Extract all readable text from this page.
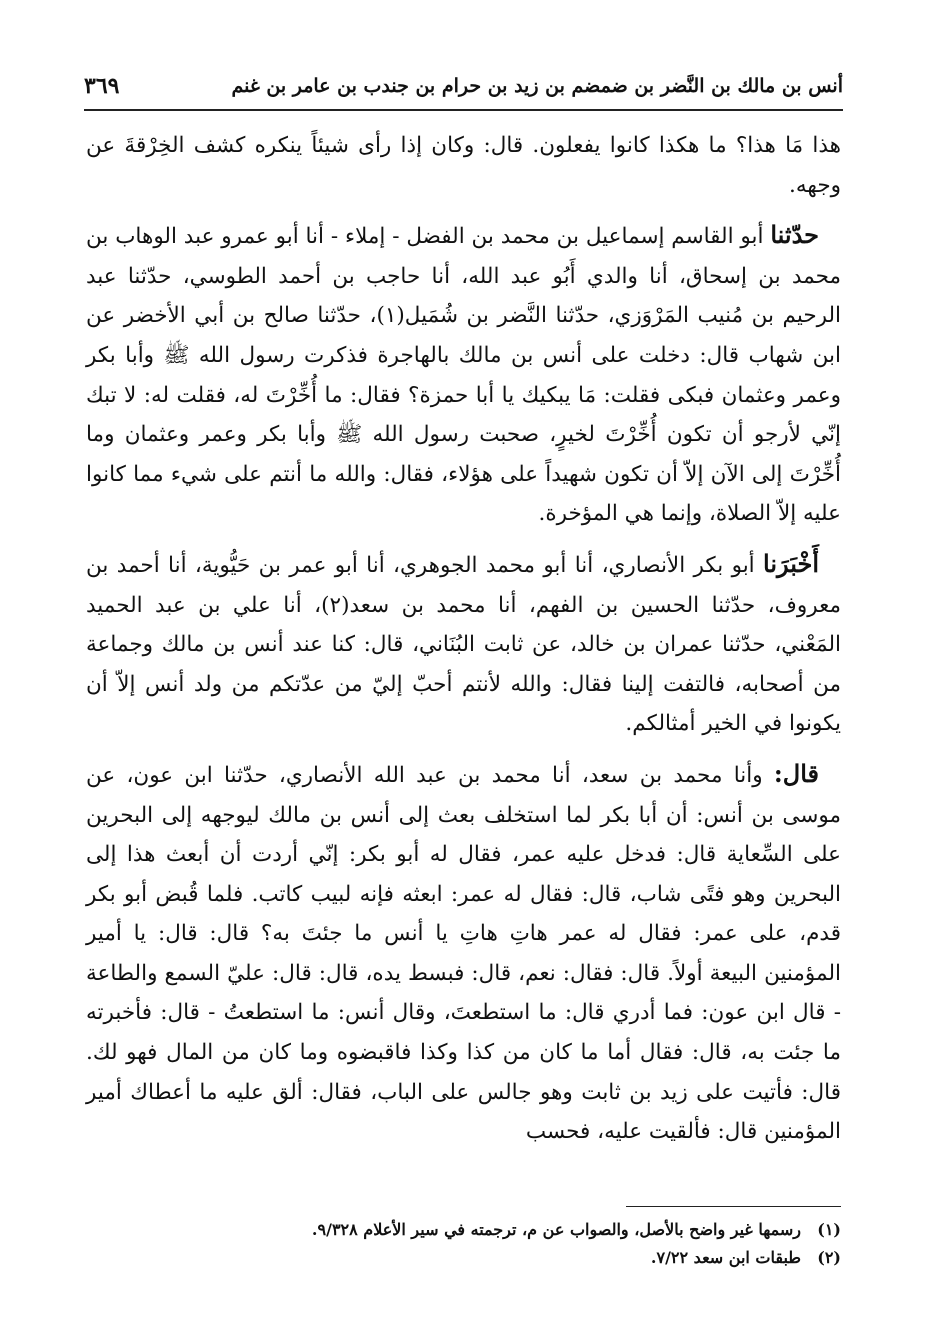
أنس بن مالك بن النَّضر بن ضمضم بن زيد بن حرام بن جندب بن عامر بن غنم
٣٦٩

هذا مَا هذا؟ ما هكذا كانوا يفعلون. قال: وكان إذا رأى شيئاً ينكره كشف الخِرْقةَ عن وجهه.

حدّثنا أبو القاسم إسماعيل بن محمد بن الفضل - إملاء - أنا أبو عمرو عبد الوهاب بن محمد بن إسحاق، أنا والدي أَبُو عبد الله، أنا حاجب بن أحمد الطوسي، حدّثنا عبد الرحيم بن مُنيب المَرْوَزي، حدّثنا النَّضر بن شُمَيل(١)، حدّثنا صالح بن أبي الأخضر عن ابن شهاب قال: دخلت على أنس بن مالك بالهاجرة فذكرت رسول الله ﷺ وأبا بكر وعمر وعثمان فبكى فقلت: مَا يبكيك يا أبا حمزة؟ فقال: ما أُخِّرْتَ له، فقلت له: لا تبك إنّي لأرجو أن تكون أُخِّرْتَ لخيرٍ، صحبت رسول الله ﷺ وأبا بكر وعمر وعثمان وما أُخِّرْتَ إلى الآن إلاّ أن تكون شهيداً على هؤلاء، فقال: والله ما أنتم على شيء مما كانوا عليه إلاّ الصلاة، وإنما هي المؤخرة.

أَخْبَرَنا أبو بكر الأنصاري، أنا أبو محمد الجوهري، أنا أبو عمر بن حَيُّوية، أنا أحمد بن معروف، حدّثنا الحسين بن الفهم، أنا محمد بن سعد(٢)، أنا علي بن عبد الحميد المَعْني، حدّثنا عمران بن خالد، عن ثابت البُنَاني، قال: كنا عند أنس بن مالك وجماعة من أصحابه، فالتفت إلينا فقال: والله لأنتم أحبّ إليّ من عدّتكم من ولد أنس إلاّ أن يكونوا في الخير أمثالكم.

قال: وأنا محمد بن سعد، أنا محمد بن عبد الله الأنصاري، حدّثنا ابن عون، عن موسى بن أنس: أن أبا بكر لما استخلف بعث إلى أنس بن مالك ليوجهه إلى البحرين على السِّعاية قال: فدخل عليه عمر، فقال له أبو بكر: إنّي أردت أن أبعث هذا إلى البحرين وهو فتًى شاب، قال: فقال له عمر: ابعثه فإنه لبيب كاتب. فلما قُبض أبو بكر قدم، على عمر: فقال له عمر هاتِ هاتِ يا أنس ما جئتَ به؟ قال: قال: يا أمير المؤمنين البيعة أولاً. قال: فقال: نعم، قال: فبسط يده، قال: قال: عليّ السمع والطاعة - قال ابن عون: فما أدري قال: ما استطعتَ، وقال أنس: ما استطعتُ - قال: فأخبرته ما جئت به، قال: فقال أما ما كان من كذا وكذا فاقبضوه وما كان من المال فهو لك. قال: فأتيت على زيد بن ثابت وهو جالس على الباب، فقال: ألق عليه ما أعطاك أمير المؤمنين قال: فألقيت عليه، فحسب

(١)
رسمها غير واضح بالأصل، والصواب عن م، ترجمته في سير الأعلام ٩/٣٢٨.
(٢)
طبقات ابن سعد ٧/٢٢.
